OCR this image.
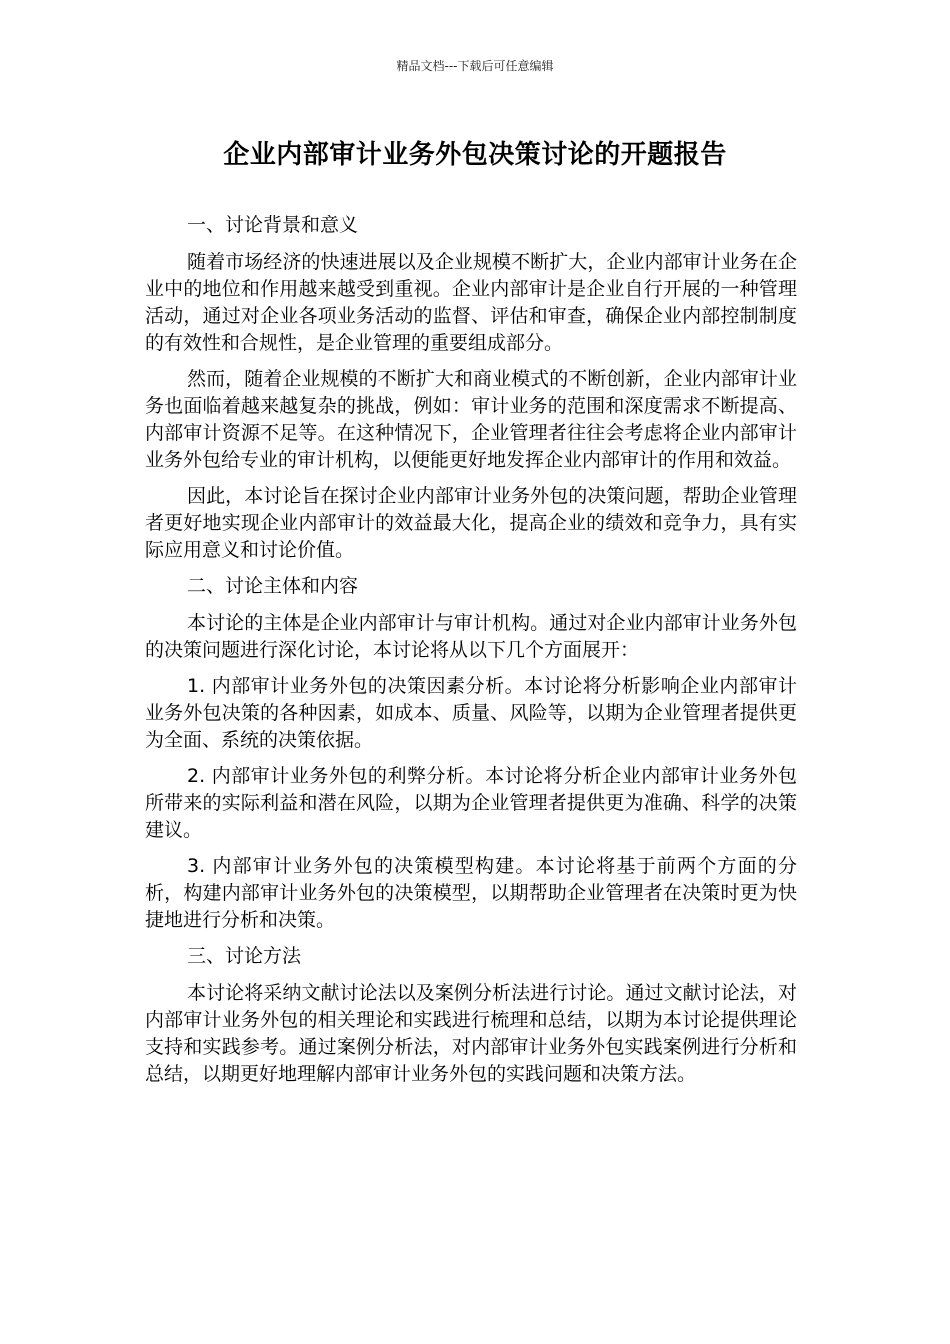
精品文档---下载后可任意编辑
企业内部审计业务外包决策讨论的开题报告

一、讨论背景和意义

随着市场经济的快速进展以及企业规模不断扩大，企业内部审计业务在企业中的地位和作用越来越受到重视。企业内部审计是企业自行开展的一种管理活动，通过对企业各项业务活动的监督、评估和审查，确保企业内部控制制度的有效性和合规性，是企业管理的重要组成部分。

然而，随着企业规模的不断扩大和商业模式的不断创新，企业内部审计业务也面临着越来越复杂的挑战，例如：审计业务的范围和深度需求不断提高、内部审计资源不足等。在这种情况下，企业管理者往往会考虑将企业内部审计业务外包给专业的审计机构，以便能更好地发挥企业内部审计的作用和效益。

因此，本讨论旨在探讨企业内部审计业务外包的决策问题，帮助企业管理者更好地实现企业内部审计的效益最大化，提高企业的绩效和竞争力，具有实际应用意义和讨论价值。

二、讨论主体和内容

本讨论的主体是企业内部审计与审计机构。通过对企业内部审计业务外包的决策问题进行深化讨论，本讨论将从以下几个方面展开：

1. 内部审计业务外包的决策因素分析。本讨论将分析影响企业内部审计业务外包决策的各种因素，如成本、质量、风险等，以期为企业管理者提供更为全面、系统的决策依据。

2. 内部审计业务外包的利弊分析。本讨论将分析企业内部审计业务外包所带来的实际利益和潜在风险，以期为企业管理者提供更为准确、科学的决策建议。

3. 内部审计业务外包的决策模型构建。本讨论将基于前两个方面的分析，构建内部审计业务外包的决策模型，以期帮助企业管理者在决策时更为快捷地进行分析和决策。

三、讨论方法

本讨论将采纳文献讨论法以及案例分析法进行讨论。通过文献讨论法，对内部审计业务外包的相关理论和实践进行梳理和总结，以期为本讨论提供理论支持和实践参考。通过案例分析法，对内部审计业务外包实践案例进行分析和总结，以期更好地理解内部审计业务外包的实践问题和决策方法。
